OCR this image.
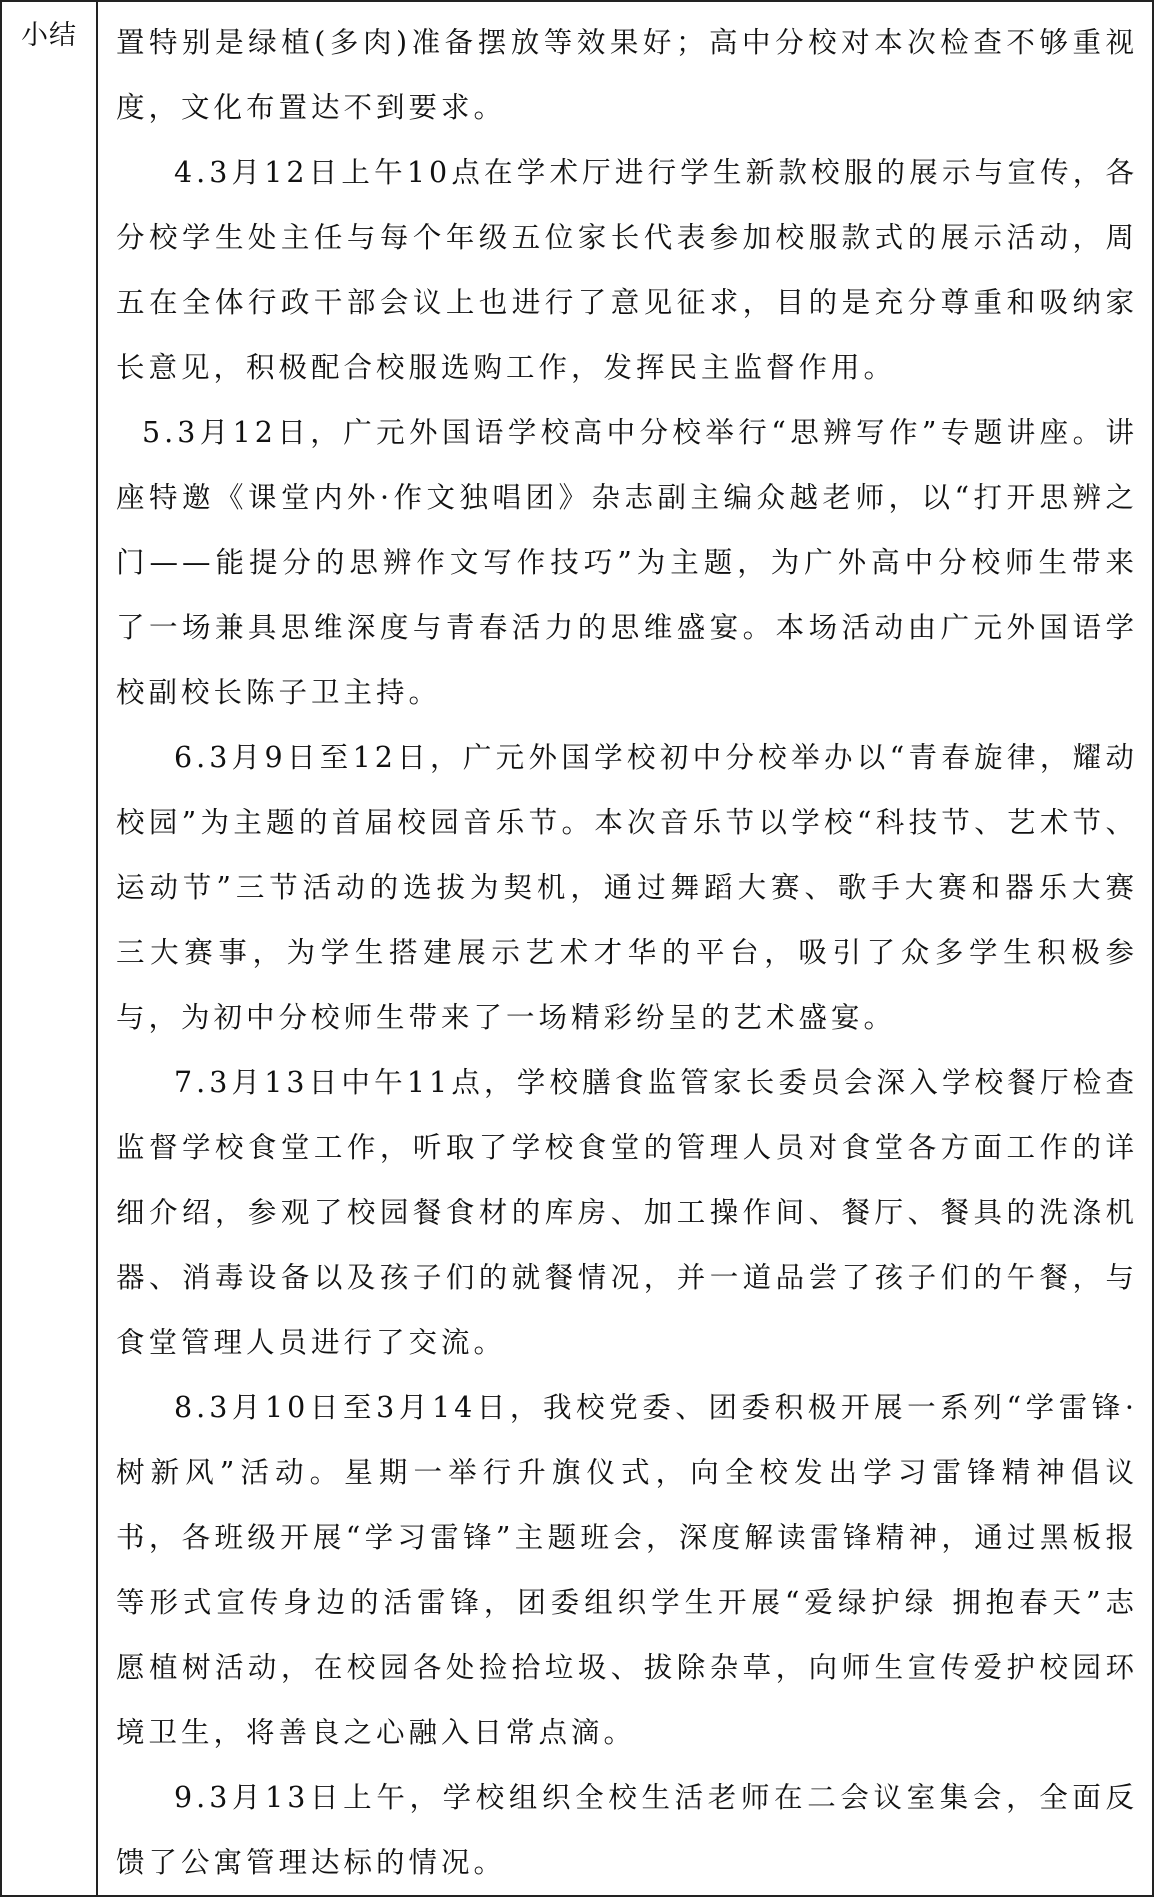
小结	置特别是绿植(多肉)准备摆放等效果好；高中分校对本次检查不够重视度，文化布置达不到要求。

4.3月12日上午10点在学术厅进行学生新款校服的展示与宣传，各分校学生处主任与每个年级五位家长代表参加校服款式的展示活动，周五在全体行政干部会议上也进行了意见征求，目的是充分尊重和吸纳家长意见，积极配合校服选购工作，发挥民主监督作用。

5.3月12日，广元外国语学校高中分校举行“思辨写作”专题讲座。讲座特邀《课堂内外·作文独唱团》杂志副主编众越老师，以“打开思辨之门——能提分的思辨作文写作技巧”为主题，为广外高中分校师生带来了一场兼具思维深度与青春活力的思维盛宴。本场活动由广元外国语学校副校长陈子卫主持。

6.3月9日至12日，广元外国学校初中分校举办以“青春旋律，耀动校园”为主题的首届校园音乐节。本次音乐节以学校“科技节、艺术节、运动节”三节活动的选拔为契机，通过舞蹈大赛、歌手大赛和器乐大赛三大赛事，为学生搭建展示艺术才华的平台，吸引了众多学生积极参与，为初中分校师生带来了一场精彩纷呈的艺术盛宴。

7.3月13日中午11点，学校膳食监管家长委员会深入学校餐厅检查监督学校食堂工作，听取了学校食堂的管理人员对食堂各方面工作的详细介绍，参观了校园餐食材的库房、加工操作间、餐厅、餐具的洗涤机器、消毒设备以及孩子们的就餐情况，并一道品尝了孩子们的午餐，与食堂管理人员进行了交流。

8.3月10日至3月14日，我校党委、团委积极开展一系列“学雷锋·树新风”活动。星期一举行升旗仪式，向全校发出学习雷锋精神倡议书，各班级开展“学习雷锋”主题班会，深度解读雷锋精神，通过黑板报等形式宣传身边的活雷锋，团委组织学生开展“爱绿护绿 拥抱春天”志愿植树活动，在校园各处捡拾垃圾、拔除杂草，向师生宣传爱护校园环境卫生，将善良之心融入日常点滴。

9.3月13日上午，学校组织全校生活老师在二会议室集会，全面反馈了公寓管理达标的情况。
